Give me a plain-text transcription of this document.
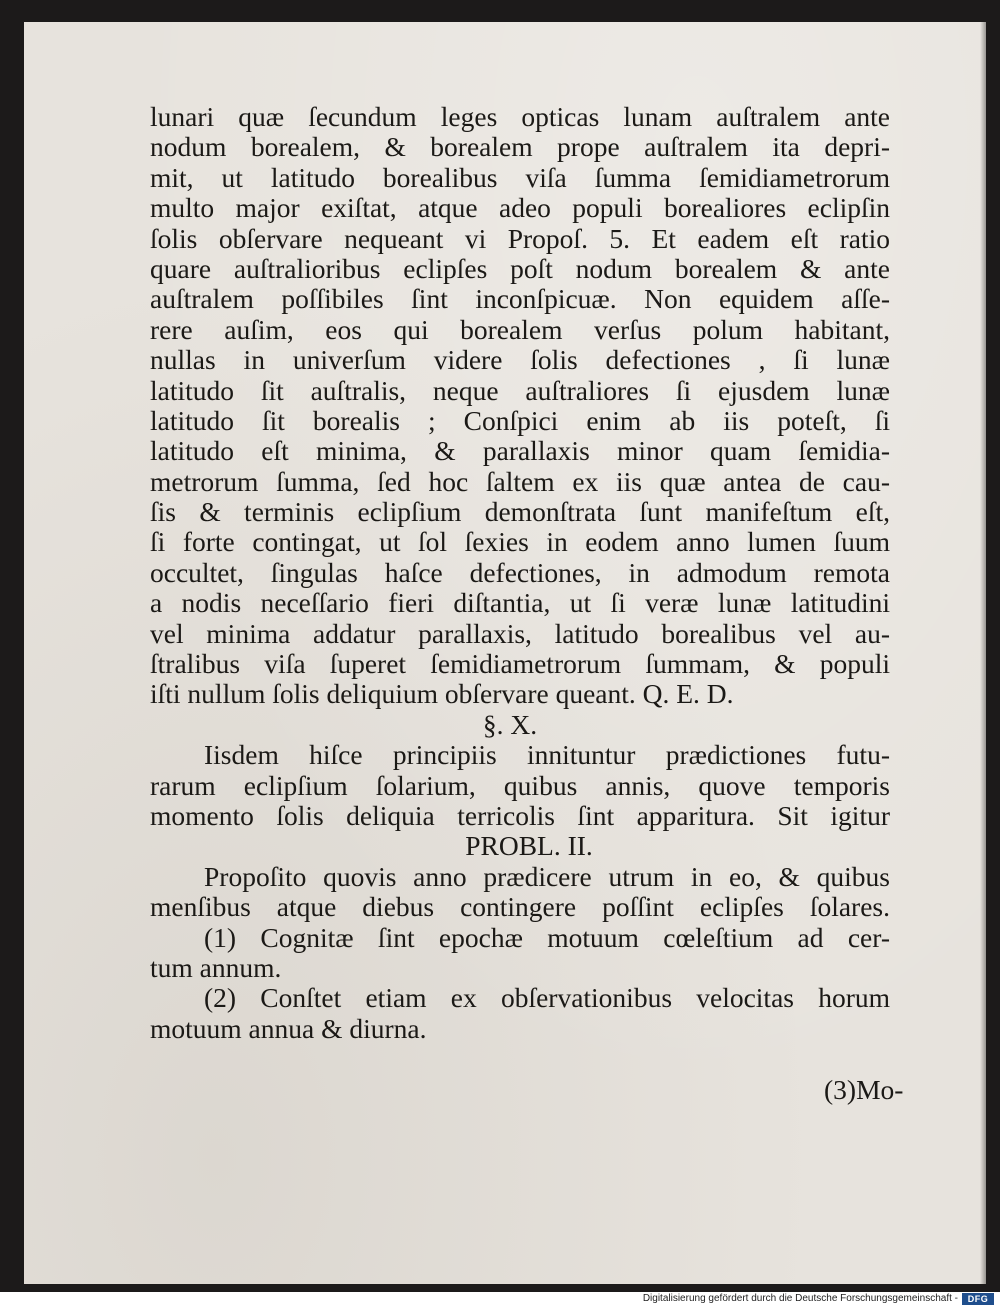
lunari quæ ſecundum leges opticas lunam auſtralem ante
nodum borealem, & borealem prope auſtralem ita depri-
mit, ut latitudo borealibus viſa ſumma ſemidiametrorum
multo major exiſtat, atque adeo populi borealiores eclipſin
ſolis obſervare nequeant vi Propoſ. 5. Et eadem eſt ratio
quare auſtralioribus eclipſes poſt nodum borealem & ante
auſtralem poſſibiles ſint inconſpicuæ. Non equidem aſſe-
rere auſim, eos qui borealem verſus polum habitant,
nullas in univerſum videre ſolis defectiones , ſi lunæ
latitudo ſit auſtralis, neque auſtraliores ſi ejusdem lunæ
latitudo ſit borealis ; Conſpici enim ab iis poteſt, ſi
latitudo eſt minima, & parallaxis minor quam ſemidia-
metrorum ſumma, ſed hoc ſaltem ex iis quæ antea de cau-
ſis & terminis eclipſium demonſtrata ſunt manifeſtum eſt,
ſi forte contingat, ut ſol ſexies in eodem anno lumen ſuum
occultet, ſingulas haſce defectiones, in admodum remota
a nodis neceſſario fieri diſtantia, ut ſi veræ lunæ latitudini
vel minima addatur parallaxis, latitudo borealibus vel au-
ſtralibus viſa ſuperet ſemidiametrorum ſummam, & populi
iſti nullum ſolis deliquium obſervare queant. Q. E. D.
§. X.
Iisdem hiſce principiis innituntur prædictiones futu-
rarum eclipſium ſolarium, quibus annis, quove temporis
momento ſolis deliquia terricolis ſint apparitura. Sit igitur
PROBL. II.
Propoſito quovis anno prædicere utrum in eo, & quibus
menſibus atque diebus contingere poſſint eclipſes ſolares.
(1) Cognitæ ſint epochæ motuum cœleſtium ad cer-
tum annum.
(2) Conſtet etiam ex obſervationibus velocitas horum
motuum annua & diurna.
(3)Mo-
Digitalisierung gefördert durch die Deutsche Forschungsgemeinschaft -	DFG
